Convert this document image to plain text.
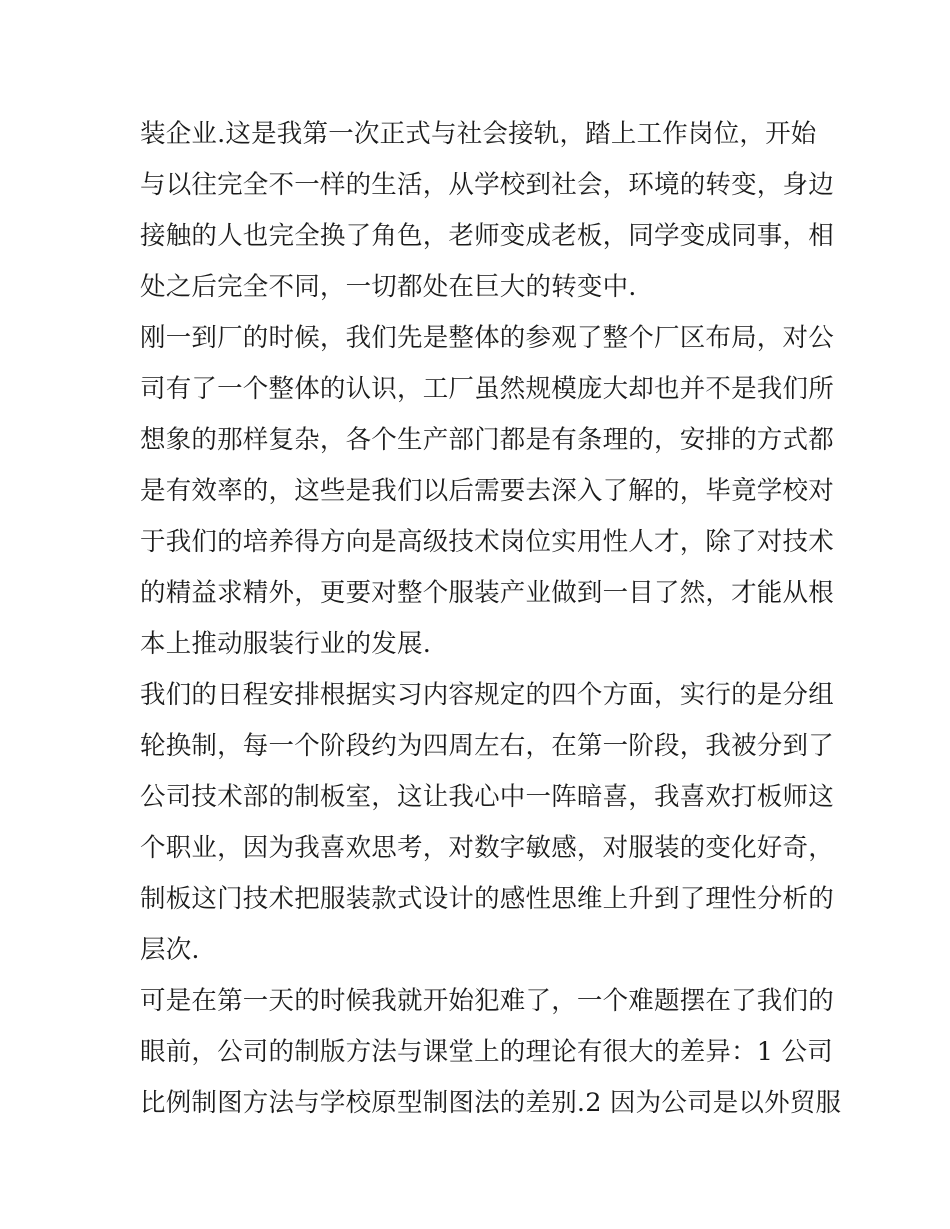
装企业.这是我第一次正式与社会接轨，踏上工作岗位，开始
与以往完全不一样的生活，从学校到社会，环境的转变，身边
接触的人也完全换了角色，老师变成老板，同学变成同事，相
处之后完全不同，一切都处在巨大的转变中.
刚一到厂的时候，我们先是整体的参观了整个厂区布局，对公
司有了一个整体的认识，工厂虽然规模庞大却也并不是我们所
想象的那样复杂，各个生产部门都是有条理的，安排的方式都
是有效率的，这些是我们以后需要去深入了解的，毕竟学校对
于我们的培养得方向是高级技术岗位实用性人才，除了对技术
的精益求精外，更要对整个服装产业做到一目了然，才能从根
本上推动服装行业的发展.
我们的日程安排根据实习内容规定的四个方面，实行的是分组
轮换制，每一个阶段约为四周左右，在第一阶段，我被分到了
公司技术部的制板室，这让我心中一阵暗喜，我喜欢打板师这
个职业，因为我喜欢思考，对数字敏感，对服装的变化好奇，
制板这门技术把服装款式设计的感性思维上升到了理性分析的
层次.
可是在第一天的时候我就开始犯难了，一个难题摆在了我们的
眼前，公司的制版方法与课堂上的理论有很大的差异：1 公司
比例制图方法与学校原型制图法的差别.2 因为公司是以外贸服
